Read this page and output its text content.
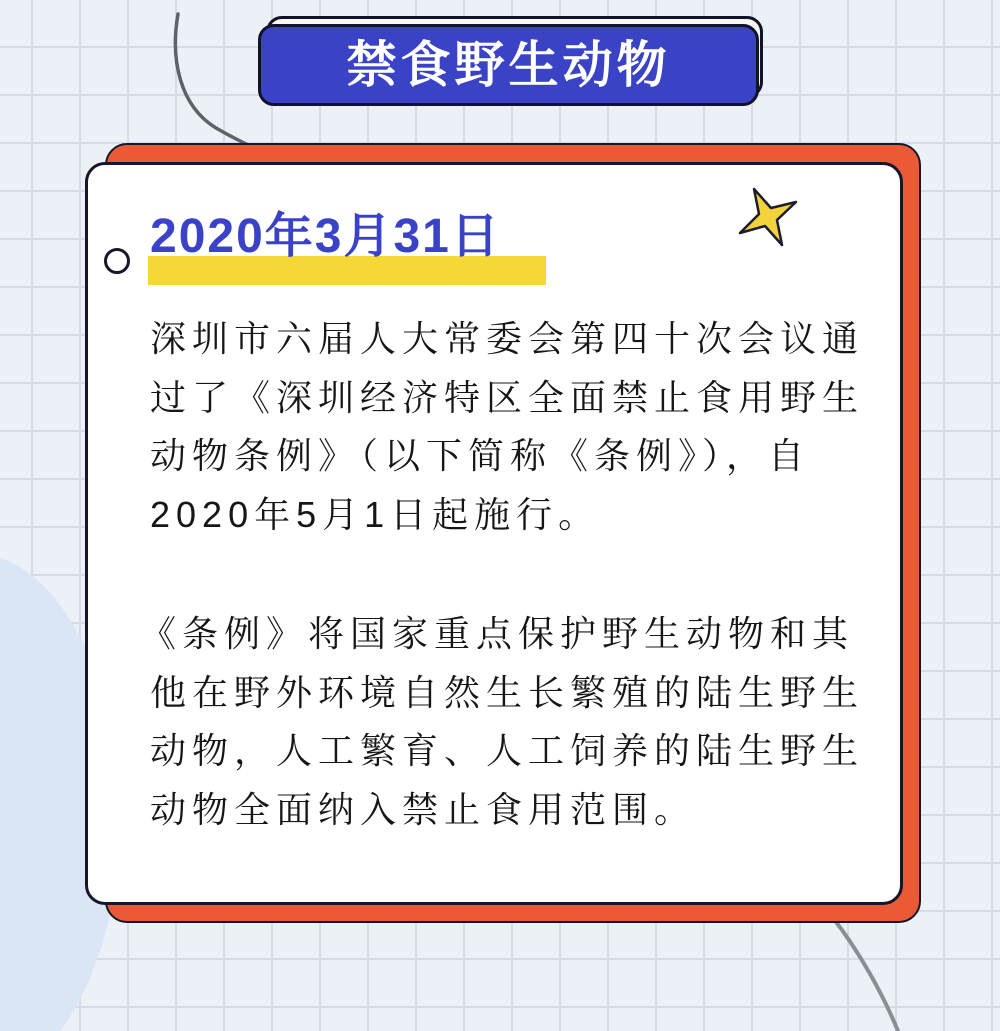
禁食野生动物
2020年3月31日
深圳市六届人大常委会第四十次会议通
过了《深圳经济特区全面禁止食用野生
动物条例》（以下简称《条例》），自
2020年5月1日起施行。
《条例》将国家重点保护野生动物和其
他在野外环境自然生长繁殖的陆生野生
动物，人工繁育、人工饲养的陆生野生
动物全面纳入禁止食用范围。
